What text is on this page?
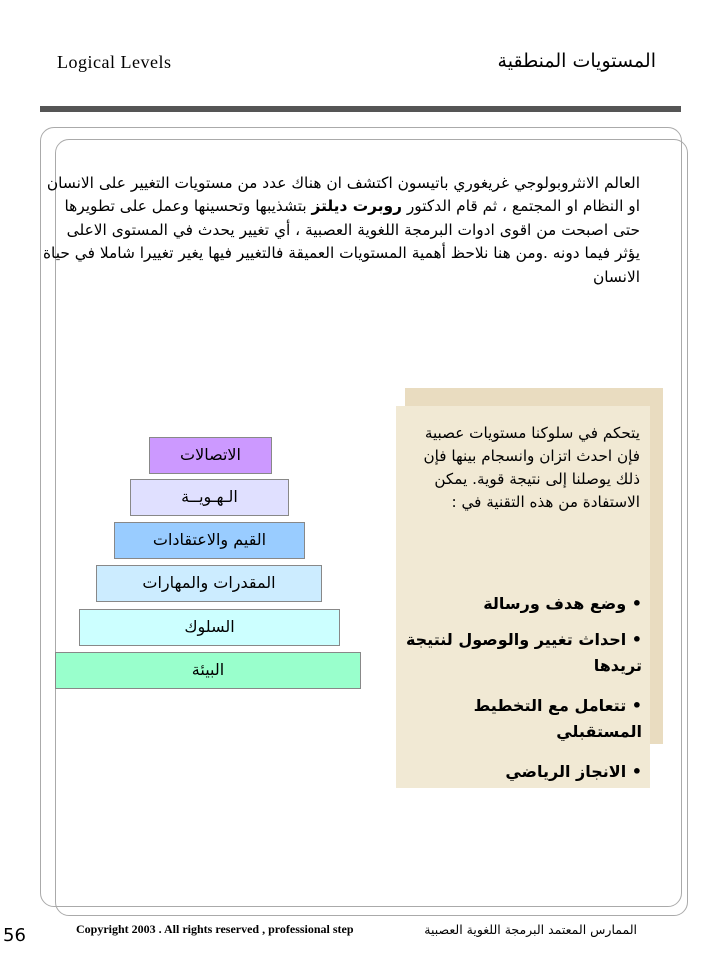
Logical Levels	المستويات المنطقية
العالم الانثروبولوجي غريغوري باتيسون اكتشف ان هناك عدد من مستويات التغيير على الانسان او النظام او المجتمع ، ثم قام الدكتور روبرت ديلتز بتشذيبها وتحسينها وعمل على تطويرها حتى اصبحت من اقوى ادوات البرمجة اللغوية العصبية ، أي تغيير يحدث في المستوى الاعلى يؤثر فيما دونه .ومن هنا نلاحظ أهمية المستويات العميقة فالتغيير فيها يغير تغييرا شاملا في حياة الانسان
يتحكم في سلوكنا مستويات عصبية فإن احدث اتزان وانسجام بينها فإن ذلك يوصلنا إلى نتيجة قوية. يمكن الاستفادة من هذه التقنية في :
• وضع هدف ورسالة
• احداث تغيير والوصول لنتيجة تريدها
• تتعامل مع التخطيط المستقبلي
• الانجاز الرياضي
الاتصالات
الـهـويــة
القيم والاعتقادات
المقدرات والمهارات
السلوك
البيئة
56	Copyright 2003 . All rights reserved , professional step	الممارس المعتمد البرمجة اللغوية العصبية
